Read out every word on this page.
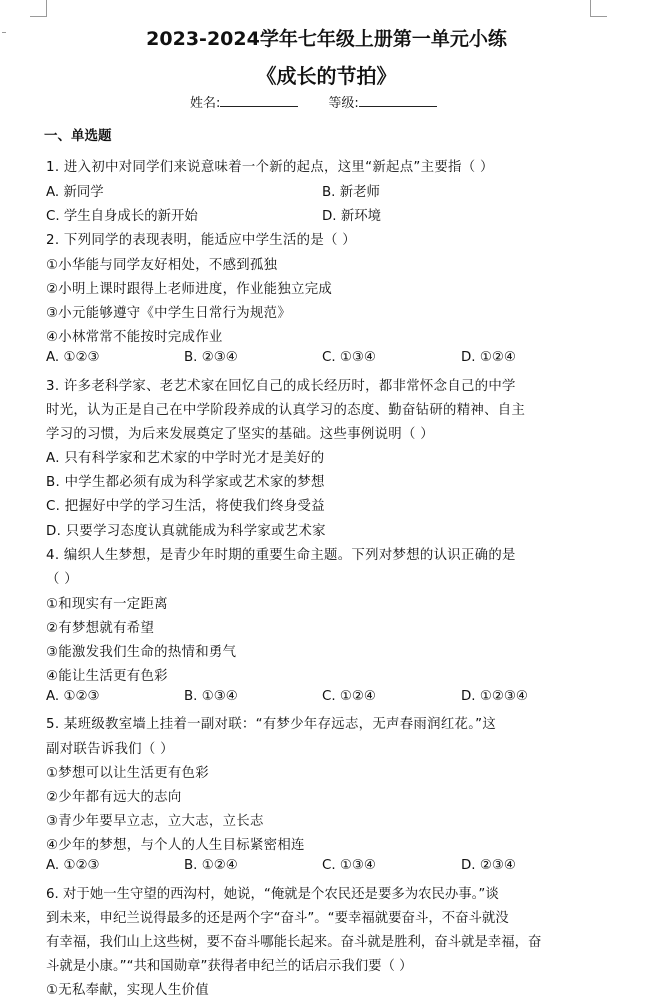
2023-2024学年七年级上册第一单元小练
《成长的节拍》
姓名:	等级:
一、单选题
1. 进入初中对同学们来说意味着一个新的起点，这里“新起点”主要指（ ）
A. 新同学	B. 新老师
C. 学生自身成长的新开始	D. 新环境
2. 下列同学的表现表明，能适应中学生活的是（ ）
①小华能与同学友好相处，不感到孤独
②小明上课时跟得上老师进度，作业能独立完成
③小元能够遵守《中学生日常行为规范》
④小林常常不能按时完成作业
A. ①②③	B. ②③④	C. ①③④	D. ①②④
3. 许多老科学家、老艺术家在回忆自己的成长经历时，都非常怀念自己的中学
时光，认为正是自己在中学阶段养成的认真学习的态度、勤奋钻研的精神、自主
学习的习惯，为后来发展奠定了坚实的基础。这些事例说明（ ）
A. 只有科学家和艺术家的中学时光才是美好的
B. 中学生都必须有成为科学家或艺术家的梦想
C. 把握好中学的学习生活，将使我们终身受益
D. 只要学习态度认真就能成为科学家或艺术家
4. 编织人生梦想，是青少年时期的重要生命主题。下列对梦想的认识正确的是
（ ）
①和现实有一定距离
②有梦想就有希望
③能激发我们生命的热情和勇气
④能让生活更有色彩
A. ①②③	B. ①③④	C. ①②④	D. ①②③④
5. 某班级教室墙上挂着一副对联：“有梦少年存远志，无声春雨润红花。”这
副对联告诉我们（ ）
①梦想可以让生活更有色彩
②少年都有远大的志向
③青少年要早立志，立大志，立长志
④少年的梦想，与个人的人生目标紧密相连
A. ①②③	B. ①②④	C. ①③④	D. ②③④
6. 对于她一生守望的西沟村，她说，“俺就是个农民还是要多为农民办事。”谈
到未来，申纪兰说得最多的还是两个字“奋斗”。“要幸福就要奋斗，不奋斗就没
有幸福，我们山上这些树，要不奋斗哪能长起来。奋斗就是胜利，奋斗就是幸福，奋
斗就是小康。”“共和国勋章”获得者申纪兰的话启示我们要（ ）
①无私奉献，实现人生价值
